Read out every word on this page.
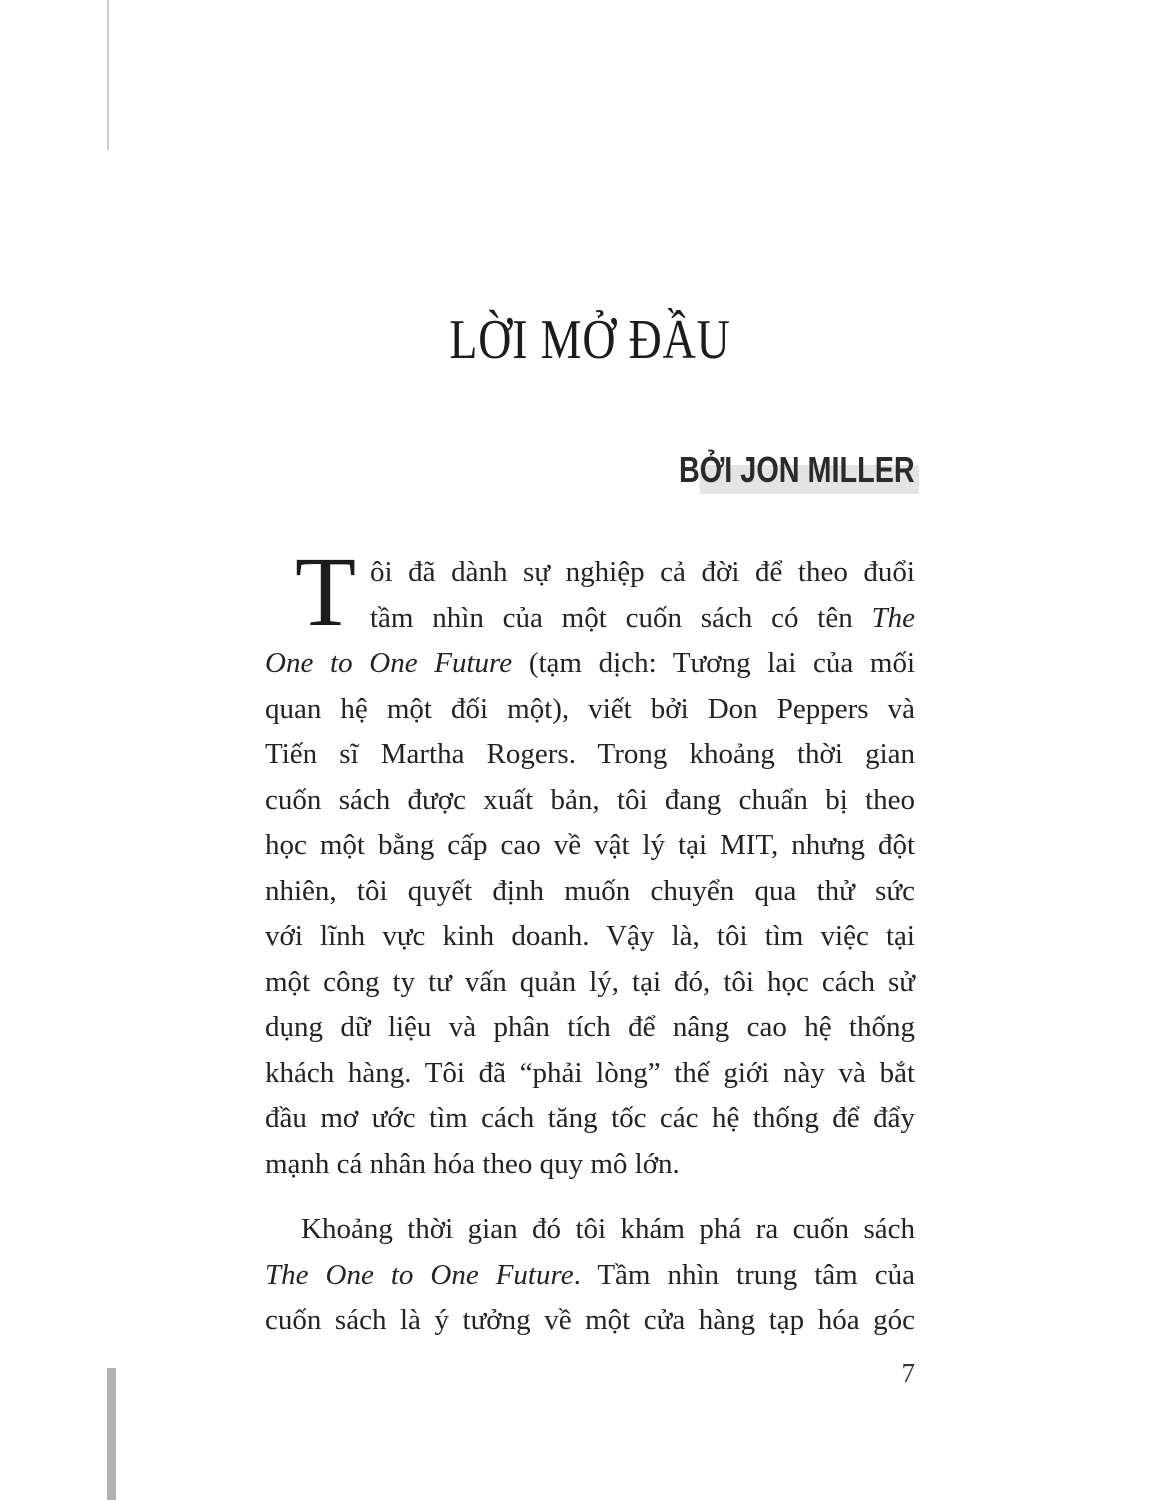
LỜI MỞ ĐẦU
BỞI JON MILLER
T ôi đã dành sự nghiệp cả đời để theo đuổi
tầm nhìn của một cuốn sách có tên The
One to One Future (tạm dịch: Tương lai của mối
quan hệ một đối một), viết bởi Don Peppers và
Tiến sĩ Martha Rogers. Trong khoảng thời gian
cuốn sách được xuất bản, tôi đang chuẩn bị theo
học một bằng cấp cao về vật lý tại MIT, nhưng đột
nhiên, tôi quyết định muốn chuyển qua thử sức
với lĩnh vực kinh doanh. Vậy là, tôi tìm việc tại
một công ty tư vấn quản lý, tại đó, tôi học cách sử
dụng dữ liệu và phân tích để nâng cao hệ thống
khách hàng. Tôi đã “phải lòng” thế giới này và bắt
đầu mơ ước tìm cách tăng tốc các hệ thống để đẩy
mạnh cá nhân hóa theo quy mô lớn.
Khoảng thời gian đó tôi khám phá ra cuốn sách
The One to One Future. Tầm nhìn trung tâm của
cuốn sách là ý tưởng về một cửa hàng tạp hóa góc
7
